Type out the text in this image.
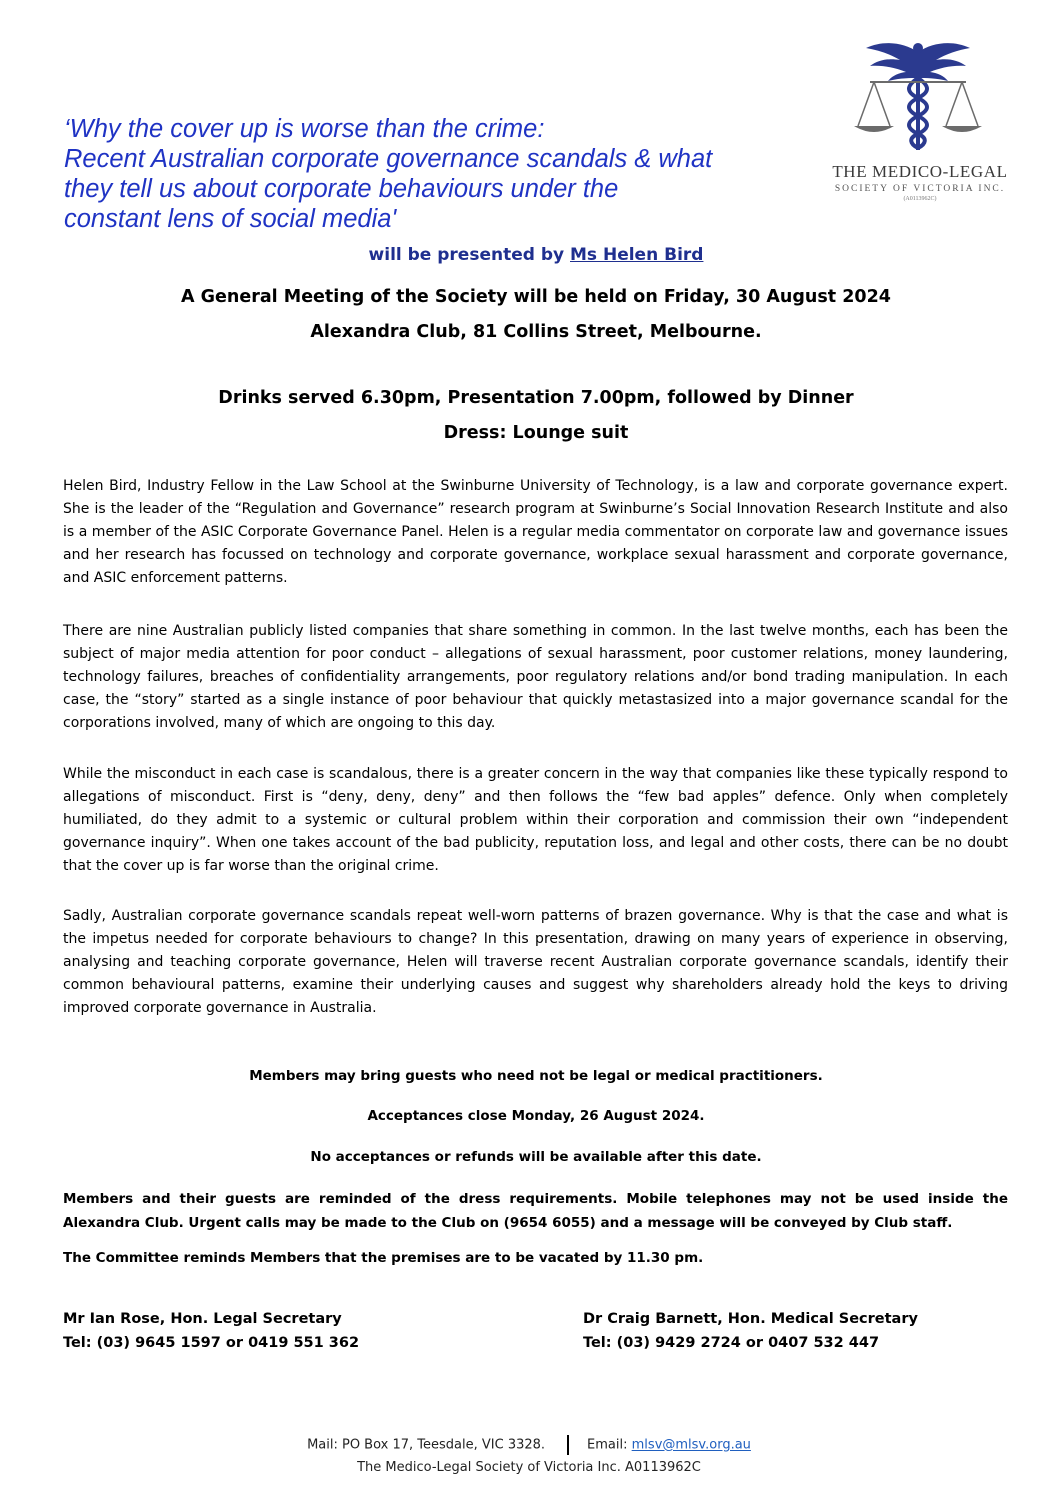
‘Why the cover up is worse than the crime:
Recent Australian corporate governance scandals & what
they tell us about corporate behaviours under the
constant lens of social media'
THE MEDICO-LEGAL
SOCIETY OF VICTORIA INC.
(A0113962C)
will be presented by Ms Helen Bird
A General Meeting of the Society will be held on Friday, 30 August 2024
Alexandra Club, 81 Collins Street, Melbourne.
Drinks served 6.30pm, Presentation 7.00pm, followed by Dinner
Dress: Lounge suit

Helen Bird, Industry Fellow in the Law School at the Swinburne University of Technology, is a law and corporate governance expert. She is the leader of the “Regulation and Governance” research program at Swinburne’s Social Innovation Research Institute and also is a member of the ASIC Corporate Governance Panel. Helen is a regular media commentator on corporate law and governance issues and her research has focussed on technology and corporate governance, workplace sexual harassment and corporate governance, and ASIC enforcement patterns.

There are nine Australian publicly listed companies that share something in common. In the last twelve months, each has been the subject of major media attention for poor conduct – allegations of sexual harassment, poor customer relations, money laundering, technology failures, breaches of confidentiality arrangements, poor regulatory relations and/or bond trading manipulation. In each case, the “story” started as a single instance of poor behaviour that quickly metastasized into a major governance scandal for the corporations involved, many of which are ongoing to this day.

While the misconduct in each case is scandalous, there is a greater concern in the way that companies like these typically respond to allegations of misconduct. First is “deny, deny, deny” and then follows the “few bad apples” defence. Only when completely humiliated, do they admit to a systemic or cultural problem within their corporation and commission their own “independent governance inquiry”. When one takes account of the bad publicity, reputation loss, and legal and other costs, there can be no doubt that the cover up is far worse than the original crime.

Sadly, Australian corporate governance scandals repeat well-worn patterns of brazen governance. Why is that the case and what is the impetus needed for corporate behaviours to change? In this presentation, drawing on many years of experience in observing, analysing and teaching corporate governance, Helen will traverse recent Australian corporate governance scandals, identify their common behavioural patterns, examine their underlying causes and suggest why shareholders already hold the keys to driving improved corporate governance in Australia.

Members may bring guests who need not be legal or medical practitioners.
Acceptances close Monday, 26 August 2024.
No acceptances or refunds will be available after this date.

Members and their guests are reminded of the dress requirements. Mobile telephones may not be used inside the Alexandra Club. Urgent calls may be made to the Club on (9654 6055) and a message will be conveyed by Club staff.

The Committee reminds Members that the premises are to be vacated by 11.30 pm.

Mr Ian Rose, Hon. Legal Secretary
Tel: (03) 9645 1597 or 0419 551 362
Dr Craig Barnett, Hon. Medical Secretary
Tel: (03) 9429 2724 or 0407 532 447
Mail: PO Box 17, Teesdale, VIC 3328.	Email: mlsv@mlsv.org.au
The Medico-Legal Society of Victoria Inc. A0113962C
